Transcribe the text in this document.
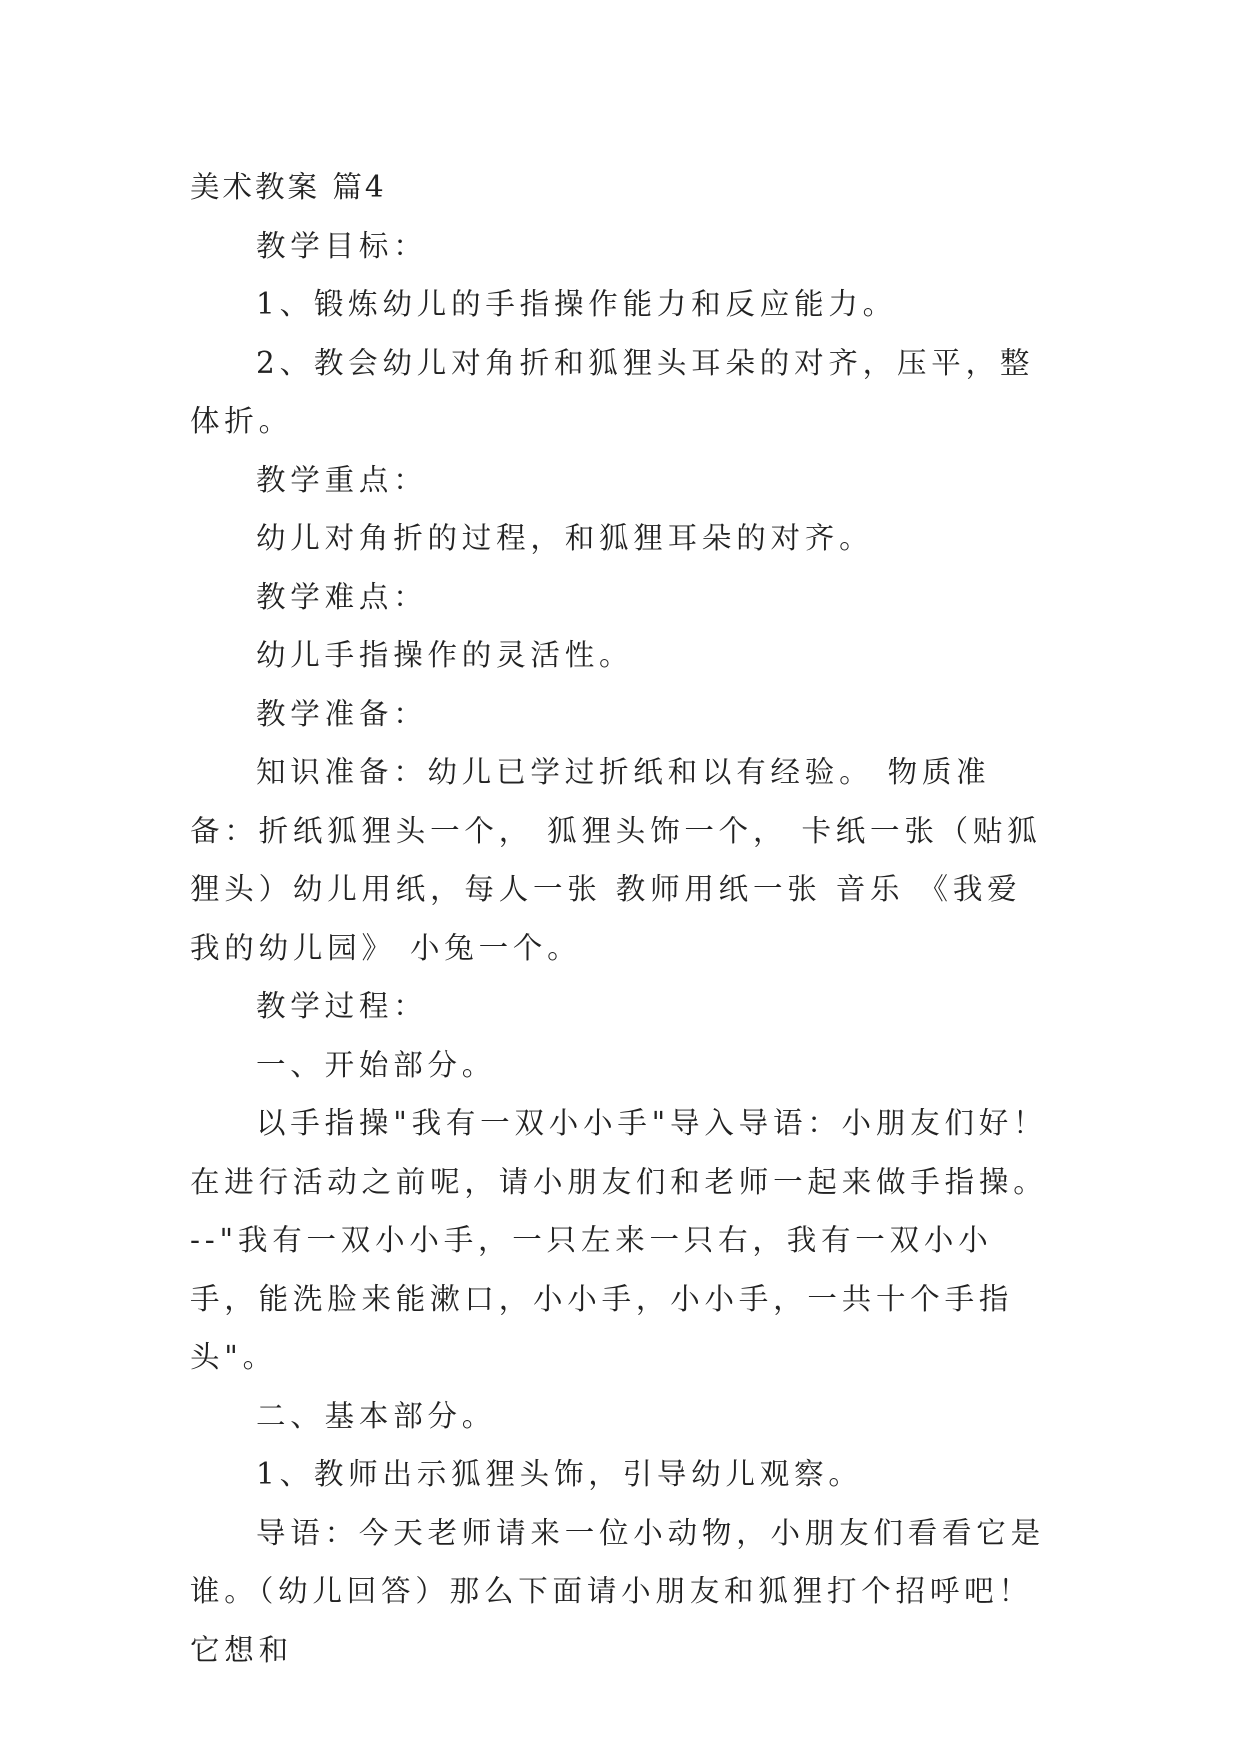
美术教案 篇4

教学目标：

1、锻炼幼儿的手指操作能力和反应能力。

2、教会幼儿对角折和狐狸头耳朵的对齐，压平，整体折。

教学重点：

幼儿对角折的过程，和狐狸耳朵的对齐。

教学难点：

幼儿手指操作的灵活性。

教学准备：

知识准备：幼儿已学过折纸和以有经验。 物质准备：折纸狐狸头一个， 狐狸头饰一个， 卡纸一张（贴狐狸头）幼儿用纸，每人一张 教师用纸一张 音乐 《我爱我的幼儿园》 小兔一个。

教学过程：

一、开始部分。

以手指操"我有一双小小手"导入导语：小朋友们好！在进行活动之前呢，请小朋友们和老师一起来做手指操。 --"我有一双小小手，一只左来一只右，我有一双小小手，能洗脸来能漱口，小小手，小小手，一共十个手指头"。

二、基本部分。

1、教师出示狐狸头饰，引导幼儿观察。

导语：今天老师请来一位小动物，小朋友们看看它是谁。（幼儿回答）那么下面请小朋友和狐狸打个招呼吧！它想和
